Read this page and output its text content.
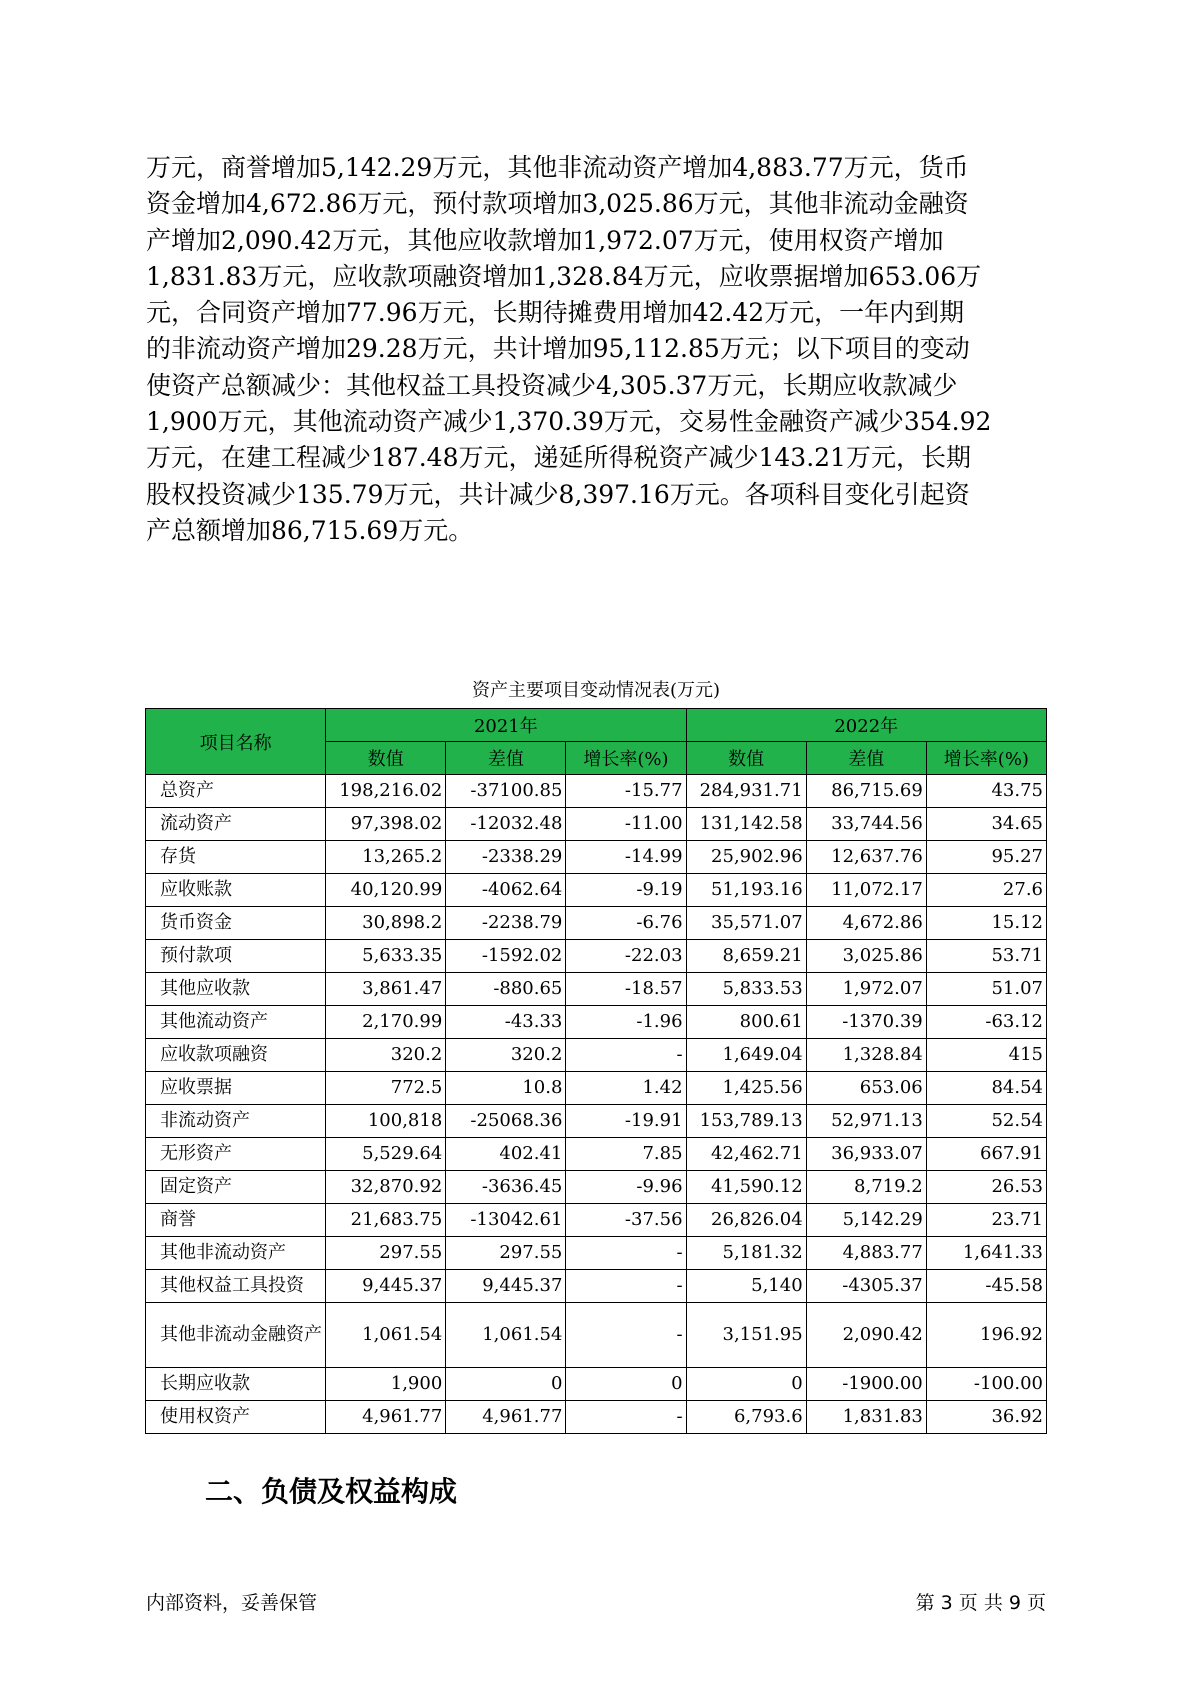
万元，商誉增加5,142.29万元，其他非流动资产增加4,883.77万元，货币

资金增加4,672.86万元，预付款项增加3,025.86万元，其他非流动金融资

产增加2,090.42万元，其他应收款增加1,972.07万元，使用权资产增加

1,831.83万元，应收款项融资增加1,328.84万元，应收票据增加653.06万

元，合同资产增加77.96万元，长期待摊费用增加42.42万元，一年内到期

的非流动资产增加29.28万元，共计增加95,112.85万元；以下项目的变动

使资产总额减少：其他权益工具投资减少4,305.37万元，长期应收款减少

1,900万元，其他流动资产减少1,370.39万元，交易性金融资产减少354.92

万元，在建工程减少187.48万元，递延所得税资产减少143.21万元，长期

股权投资减少135.79万元，共计减少8,397.16万元。各项科目变化引起资

产总额增加86,715.69万元。

资产主要项目变动情况表(万元)
项目名称	2021年			2022年		
	数值	差值	增长率(%)	数值	差值	增长率(%)
总资产	198,216.02	-37100.85	-15.77	284,931.71	86,715.69	43.75
流动资产	97,398.02	-12032.48	-11.00	131,142.58	33,744.56	34.65
存货	13,265.2	-2338.29	-14.99	25,902.96	12,637.76	95.27
应收账款	40,120.99	-4062.64	-9.19	51,193.16	11,072.17	27.6
货币资金	30,898.2	-2238.79	-6.76	35,571.07	4,672.86	15.12
预付款项	5,633.35	-1592.02	-22.03	8,659.21	3,025.86	53.71
其他应收款	3,861.47	-880.65	-18.57	5,833.53	1,972.07	51.07
其他流动资产	2,170.99	-43.33	-1.96	800.61	-1370.39	-63.12
应收款项融资	320.2	320.2	-	1,649.04	1,328.84	415
应收票据	772.5	10.8	1.42	1,425.56	653.06	84.54
非流动资产	100,818	-25068.36	-19.91	153,789.13	52,971.13	52.54
无形资产	5,529.64	402.41	7.85	42,462.71	36,933.07	667.91
固定资产	32,870.92	-3636.45	-9.96	41,590.12	8,719.2	26.53
商誉	21,683.75	-13042.61	-37.56	26,826.04	5,142.29	23.71
其他非流动资产	297.55	297.55	-	5,181.32	4,883.77	1,641.33
其他权益工具投资	9,445.37	9,445.37	-	5,140	-4305.37	-45.58
其他非流动金融资产	1,061.54	1,061.54	-	3,151.95	2,090.42	196.92
长期应收款	1,900	0	0	0	-1900.00	-100.00
使用权资产	4,961.77	4,961.77	-	6,793.6	1,831.83	36.92
二、负债及权益构成
内部资料，妥善保管	第 3 页 共 9 页
